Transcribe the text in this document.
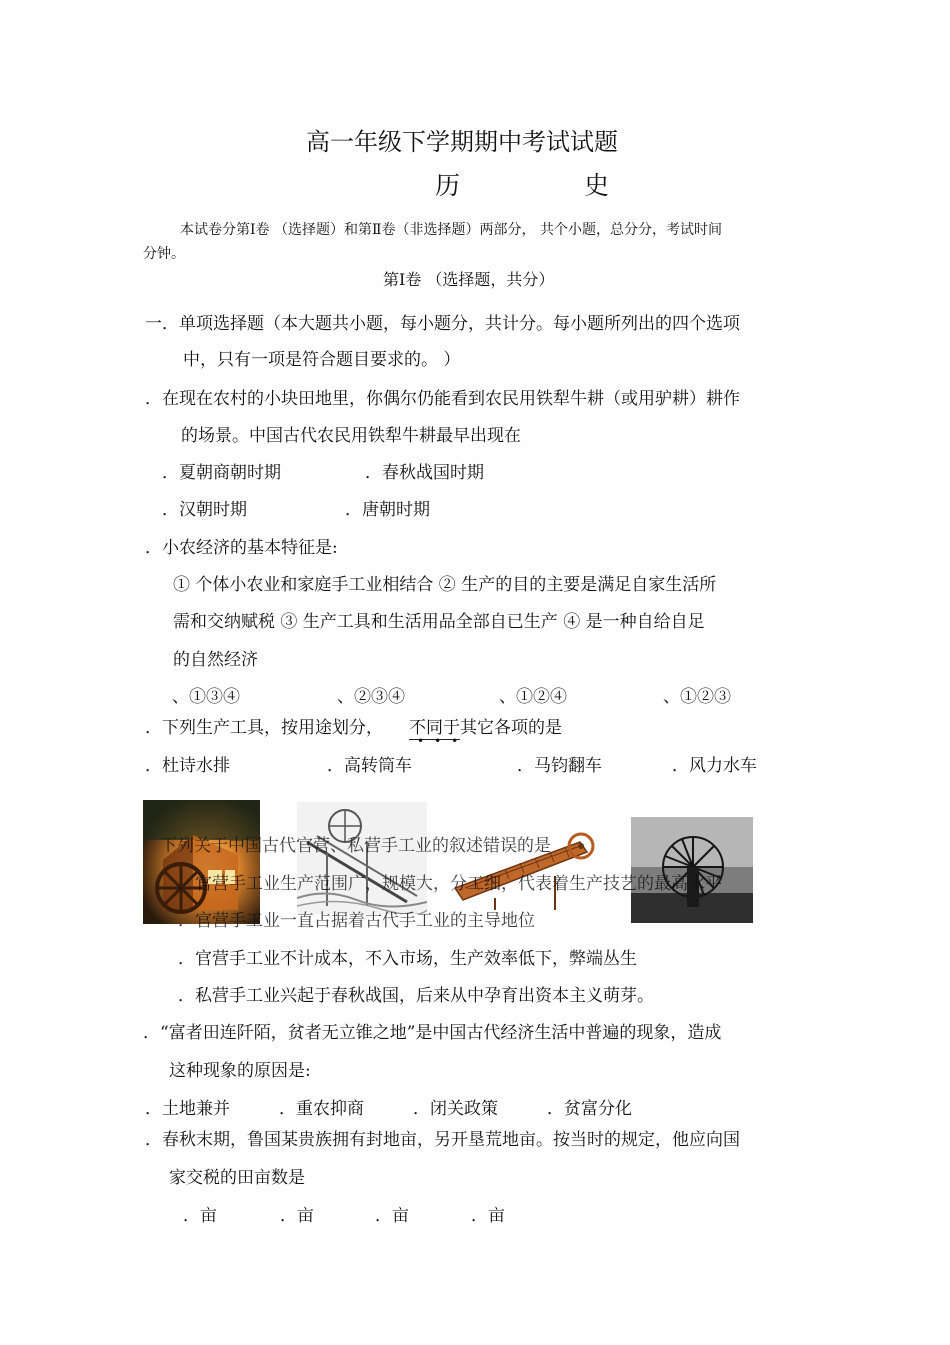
高一年级下学期期中考试试题
历 史
本试卷分第Ⅰ卷 （选择题）和第Ⅱ卷（非选择题）两部分， 共个小题，总分分，考试时间
分钟。
第Ⅰ卷 （选择题，共分）
一．单项选择题（本大题共小题，每小题分，共计分。每小题所列出的四个选项
中，只有一项是符合题目要求的。 ）
．在现在农村的小块田地里，你偶尔仍能看到农民用铁犁牛耕（或用驴耕）耕作
的场景。中国古代农民用铁犁牛耕最早出现在
．夏朝商朝时期	．春秋战国时期
．汉朝时期	．唐朝时期
．小农经济的基本特征是:
① 个体小农业和家庭手工业相结合 ② 生产的目的主要是满足自家生活所
需和交纳赋税 ③ 生产工具和生活用品全部自已生产 ④ 是一种自给自足
的自然经济
、①③④	、②③④	、①②④	、①②③
．下列生产工具，按用途划分， 不同于其它各项的是
•••
．杜诗水排	．高转筒车	．马钧翻车	．风力水车
下列关于中国古代官营、私营手工业的叙述错误的是
．官营手工业生产范围广，规模大，分工细，代表着生产技艺的最高水平
．官营手工业一直占据着古代手工业的主导地位
．官营手工业不计成本，不入市场，生产效率低下，弊端丛生
．私营手工业兴起于春秋战国，后来从中孕育出资本主义萌芽。
．“富者田连阡陌，贫者无立锥之地”是中国古代经济生活中普遍的现象，造成
这种现象的原因是:
．土地兼并	．重农抑商	．闭关政策	．贫富分化
．春秋末期，鲁国某贵族拥有封地亩，另开垦荒地亩。按当时的规定，他应向国
家交税的田亩数是
．亩	．亩	．亩	．亩
